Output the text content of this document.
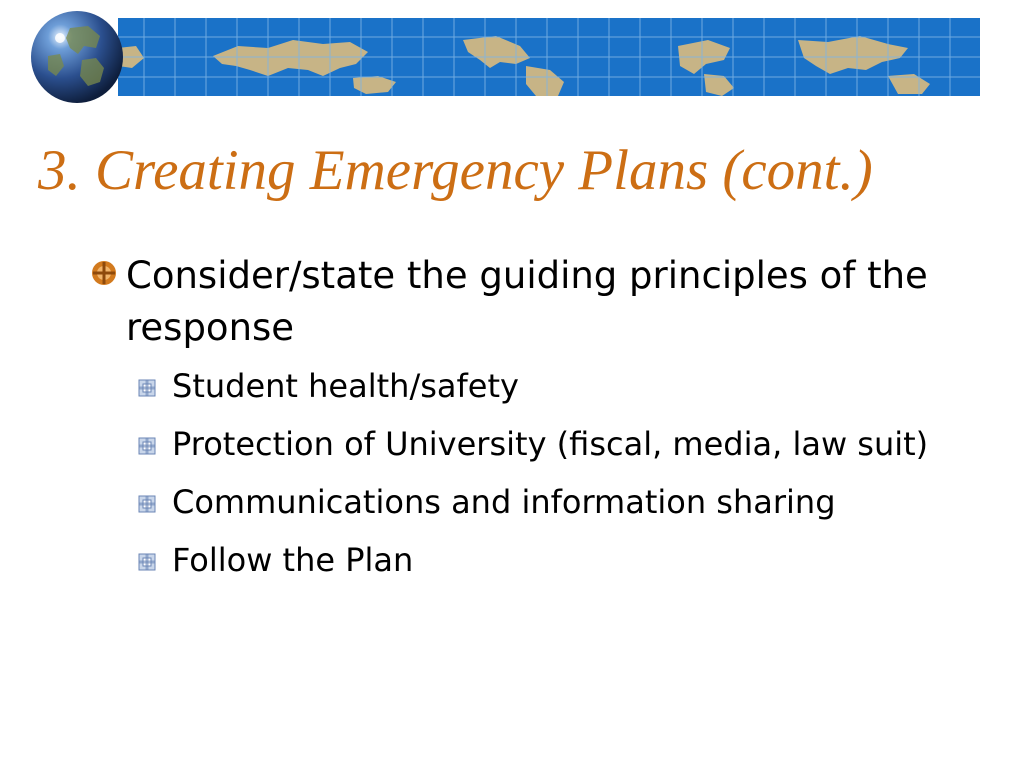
3. Creating Emergency Plans (cont.)
Consider/state the guiding principles of the response
Student health/safety
Protection of University (fiscal, media, law suit)
Communications and information sharing
Follow the Plan
